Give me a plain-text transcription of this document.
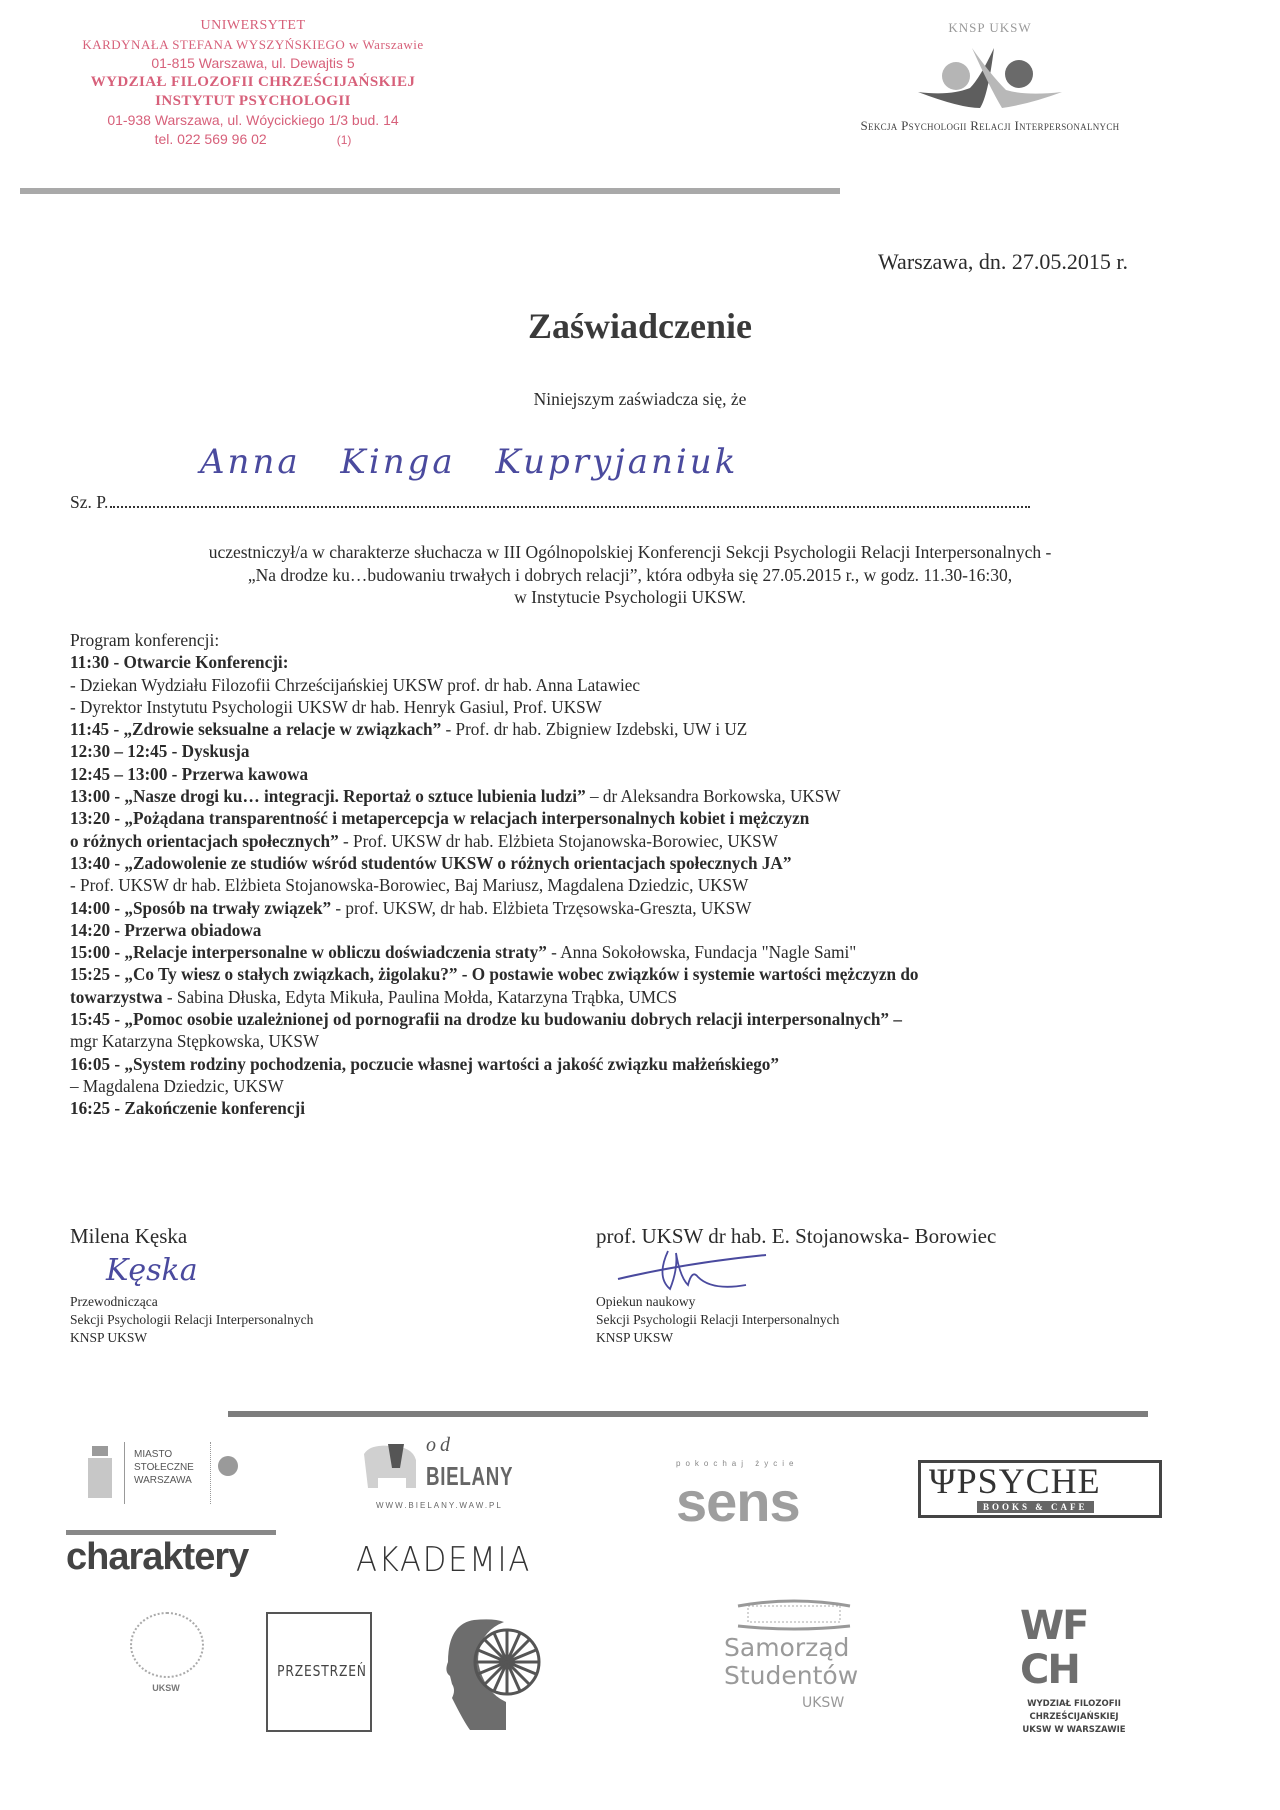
UNIWERSYTET
KARDYNAŁA STEFANA WYSZYŃSKIEGO w Warszawie
01-815 Warszawa, ul. Dewajtis 5
WYDZIAŁ FILOZOFII CHRZEŚCIJAŃSKIEJ
INSTYTUT PSYCHOLOGII
01-938 Warszawa, ul. Wóycickiego 1/3 bud. 14
tel. 022 569 96 02	(1)
KNSP UKSW
Sekcja Psychologii Relacji Interpersonalnych
Warszawa, dn. 27.05.2015 r.
Zaświadczenie
Niniejszym zaświadcza się, że
Anna Kinga Kupryjaniuk
Sz. P.
uczestniczył/a w charakterze słuchacza w III Ogólnopolskiej Konferencji Sekcji Psychologii Relacji Interpersonalnych -
„Na drodze ku…budowaniu trwałych i dobrych relacji”, która odbyła się 27.05.2015 r., w godz. 11.30-16:30,
w Instytucie Psychologii UKSW.
Program konferencji:
11:30 - Otwarcie Konferencji:
- Dziekan Wydziału Filozofii Chrześcijańskiej UKSW prof. dr hab. Anna Latawiec
- Dyrektor Instytutu Psychologii UKSW dr hab. Henryk Gasiul, Prof. UKSW
11:45 - „Zdrowie seksualne a relacje w związkach” - Prof. dr hab. Zbigniew Izdebski, UW i UZ
12:30 – 12:45 - Dyskusja
12:45 – 13:00 - Przerwa kawowa
13:00 - „Nasze drogi ku… integracji. Reportaż o sztuce lubienia ludzi” – dr Aleksandra Borkowska, UKSW
13:20 - „Pożądana transparentność i metapercepcja w relacjach interpersonalnych kobiet i mężczyzn
o różnych orientacjach społecznych” - Prof. UKSW dr hab. Elżbieta Stojanowska-Borowiec, UKSW
13:40 - „Zadowolenie ze studiów wśród studentów UKSW o różnych orientacjach społecznych JA”
- Prof. UKSW dr hab. Elżbieta Stojanowska-Borowiec, Baj Mariusz, Magdalena Dziedzic, UKSW
14:00 - „Sposób na trwały związek” - prof. UKSW, dr hab. Elżbieta Trzęsowska-Greszta, UKSW
14:20 - Przerwa obiadowa
15:00 - „Relacje interpersonalne w obliczu doświadczenia straty” - Anna Sokołowska, Fundacja "Nagle Sami"
15:25 - „Co Ty wiesz o stałych związkach, żigolaku?” - O postawie wobec związków i systemie wartości mężczyzn do
towarzystwa - Sabina Dłuska, Edyta Mikuła, Paulina Mołda, Katarzyna Trąbka, UMCS
15:45 - „Pomoc osobie uzależnionej od pornografii na drodze ku budowaniu dobrych relacji interpersonalnych” –
mgr Katarzyna Stępkowska, UKSW
16:05 - „System rodziny pochodzenia, poczucie własnej wartości a jakość związku małżeńskiego”
– Magdalena Dziedzic, UKSW
16:25 - Zakończenie konferencji
Milena Kęska
Kęska
Przewodnicząca
Sekcji Psychologii Relacji Interpersonalnych
KNSP UKSW
prof. UKSW dr hab. E. Stojanowska- Borowiec
Opiekun naukowy
Sekcji Psychologii Relacji Interpersonalnych
KNSP UKSW
MIASTO
STOŁECZNE
WARSZAWA
od
BIELANY
WWW.BIELANY.WAW.PL
pokochaj życie
sens	ΨPSYCHE
BOOKS & CAFE
charaktery	AKADEMIA
UKSW
PRZESTRZEŃ
Samorząd
Studentów
UKSW
WF
CH
WYDZIAŁ FILOZOFII
CHRZEŚCIJAŃSKIEJ
UKSW W WARSZAWIE
